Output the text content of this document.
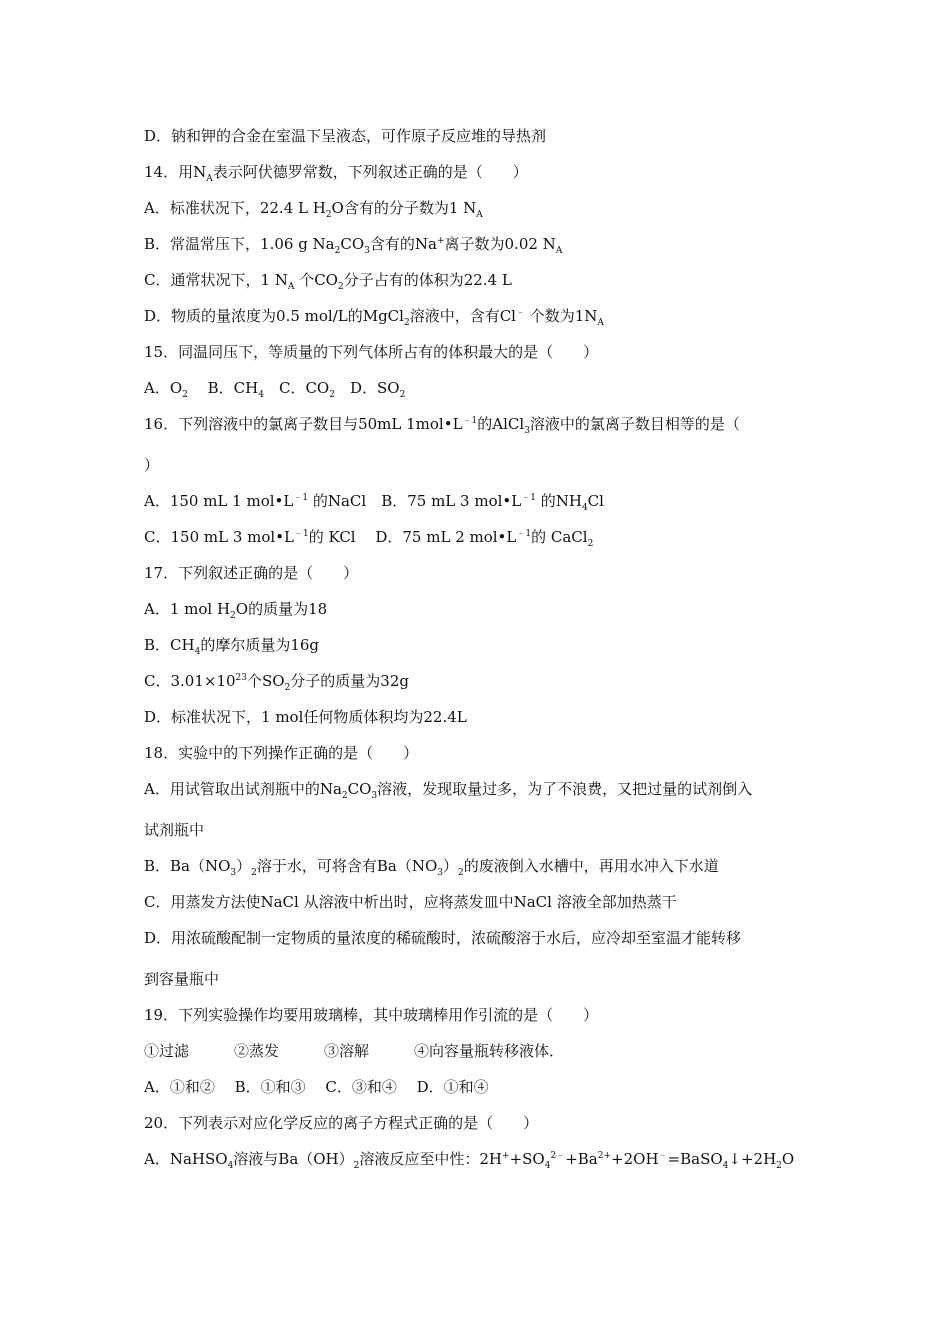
D．钠和钾的合金在室温下呈液态，可作原子反应堆的导热剂
14．用$N_A$表示阿伏德罗常数，下列叙述正确的是（　　）
A．标准状况下，22.4 L $H_2O$含有的分子数为1 $N_A$
B．常温常压下，1.06 g $Na_2CO_3$含有的Na+离子数为0.02 $N_A$
C．通常状况下，1 $N_A$ 个$CO_2$分子占有的体积为22.4 L
D．物质的量浓度为0.5 mol/L的MgCl$_2$溶液中，含有Cl﹣ 个数为$1N_A$
15．同温同压下，等质量的下列气体所占有的体积最大的是（　　）
A．$O_2$　 B．$CH_4$　C．$CO_2$　D．$SO_2$
16．下列溶液中的氯离子数目与50mL $1mol•L^{﹣1}$的AlCl$_3$溶液中的氯离子数目相等的是（
）
A．150 mL 1 $mol•L^{﹣1}$ 的NaCl　B．75 mL 3 $mol•L^{﹣1}$ 的$NH_4Cl$
C．150 mL 3 $mol•L^{﹣1}$的 KCl　 D．75 mL 2 $mol•L^{﹣1}$的 CaCl$_2$
17．下列叙述正确的是（　　）
A．1 mol $H_2O$的质量为18
B．$CH_4$的摩尔质量为16g
C．$3.01\times 10^{23}$个$SO_2$分子的质量为32g
D．标准状况下，1 mol任何物质体积均为22.4L
18．实验中的下列操作正确的是（　　）
A．用试管取出试剂瓶中的$Na_2CO_3$溶液，发现取量过多，为了不浪费，又把过量的试剂倒入
试剂瓶中
B．$Ba(NO_3)_2$溶于水，可将含有$Ba(NO_3)_2$的废液倒入水槽中，再用水冲入下水道
C．用蒸发方法使NaCl 从溶液中析出时，应将蒸发皿中NaCl 溶液全部加热蒸干
D．用浓硫酸配制一定物质的量浓度的稀硫酸时，浓硫酸溶于水后，应冷却至室温才能转移
到容量瓶中
19．下列实验操作均要用玻璃棒，其中玻璃棒用作引流的是（　　）
①过滤　　　②蒸发　　　③溶解　　　④向容量瓶转移液体．
A．①和②　 B．①和③　 C．③和④　 D．①和④
20．下列表示对应化学反应的离子方程式正确的是（　　）
A．NaHSO$_4$溶液与$Ba(OH)_2$溶液反应至中性：$2H^++SO_4^{2﹣}+Ba^{2+}+2OH^﹣=BaSO_4↓+2H_2O$
